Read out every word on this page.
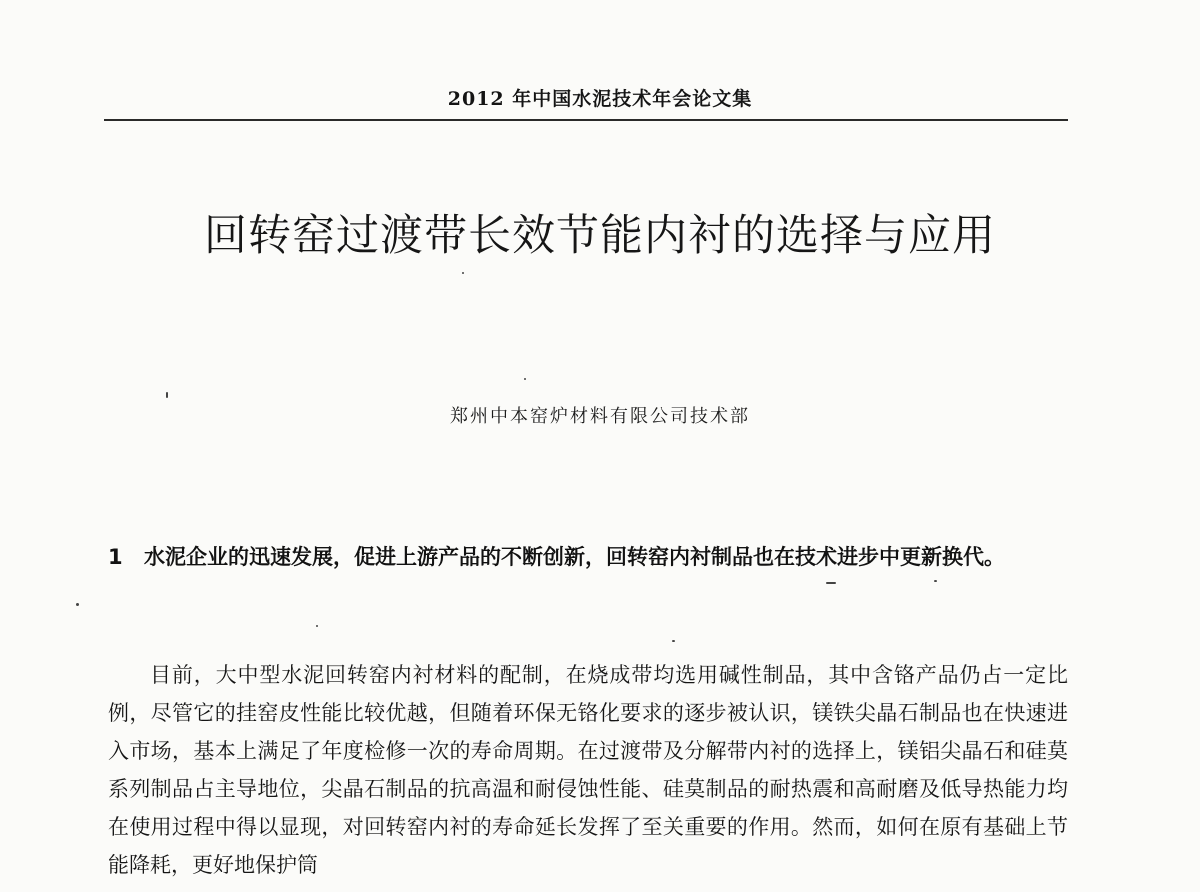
2012 年中国水泥技术年会论文集
回转窑过渡带长效节能内衬的选择与应用
郑州中本窑炉材料有限公司技术部
1 水泥企业的迅速发展，促进上游产品的不断创新，回转窑内衬制品也在技术进步中更新换代。

目前，大中型水泥回转窑内衬材料的配制，在烧成带均选用碱性制品，其中含铬产品仍占一定比例，尽管它的挂窑皮性能比较优越，但随着环保无铬化要求的逐步被认识，镁铁尖晶石制品也在快速进入市场，基本上满足了年度检修一次的寿命周期。在过渡带及分解带内衬的选择上，镁铝尖晶石和硅莫系列制品占主导地位，尖晶石制品的抗高温和耐侵蚀性能、硅莫制品的耐热震和高耐磨及低导热能力均在使用过程中得以显现，对回转窑内衬的寿命延长发挥了至关重要的作用。然而，如何在原有基础上节能降耗，更好地保护筒
